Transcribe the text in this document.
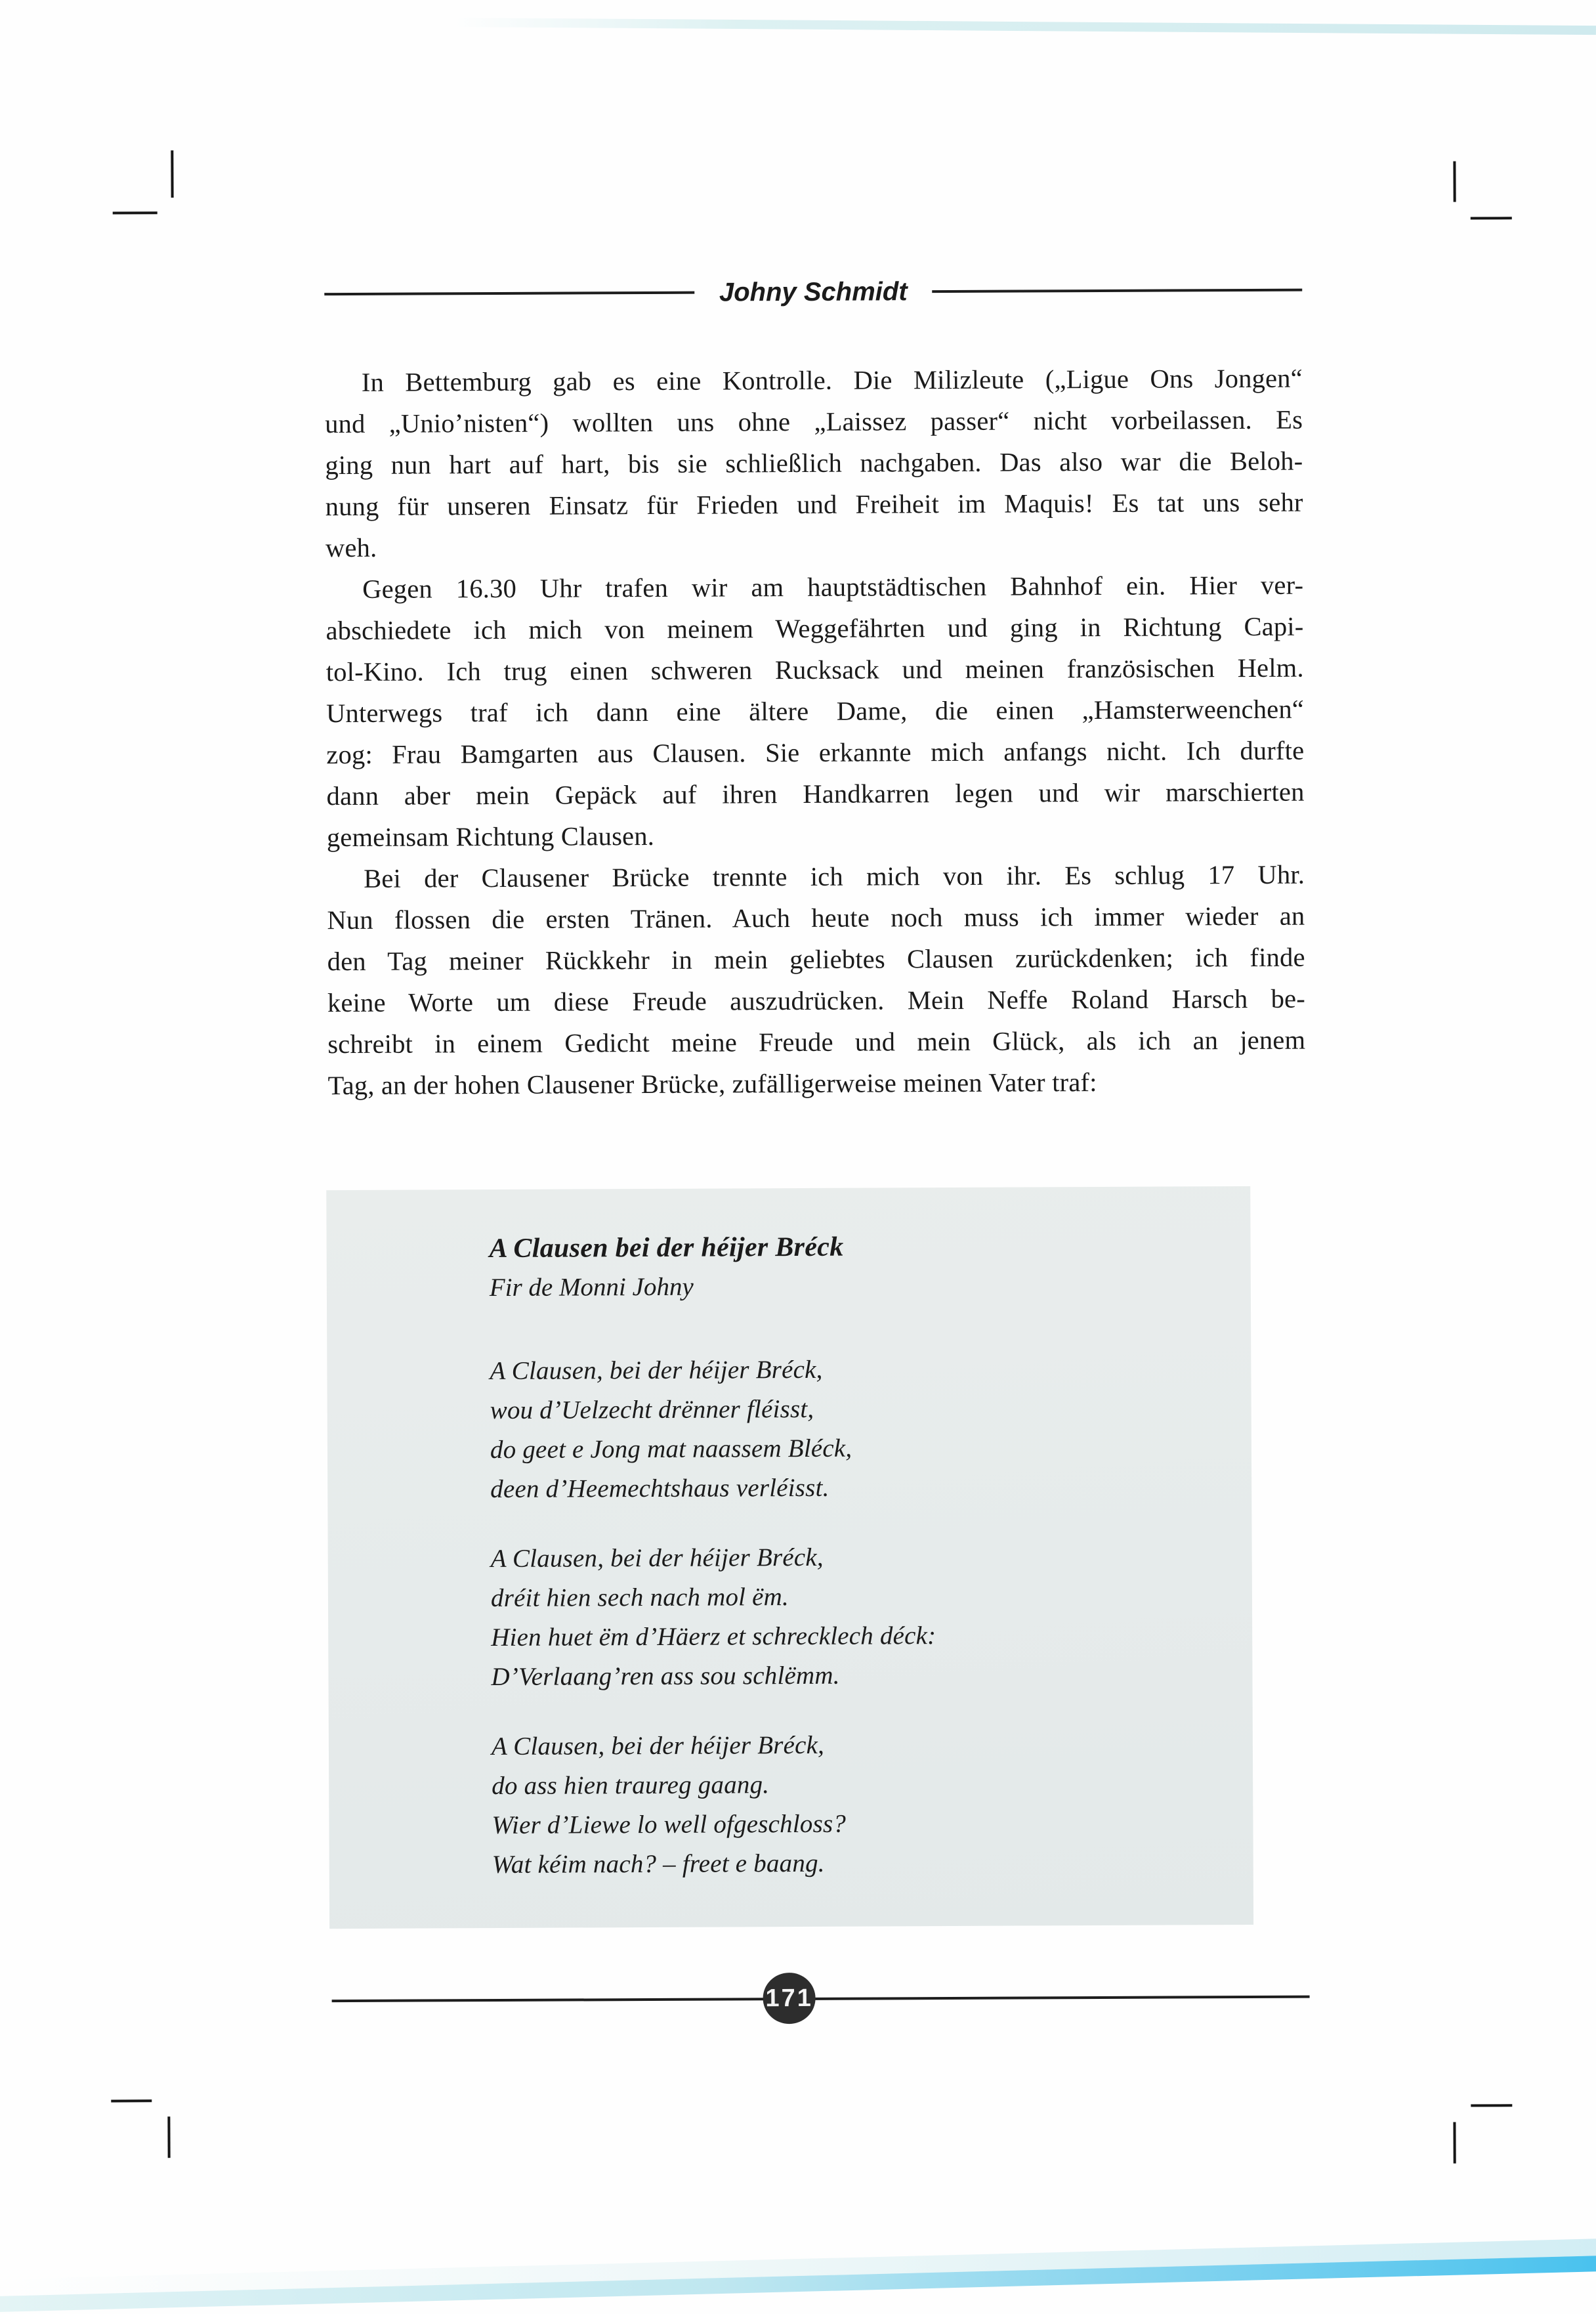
Johny Schmidt
In Bettemburg gab es eine Kontrolle. Die Milizleute („Ligue Ons Jongen“
und „Unio’nisten“) wollten uns ohne „Laissez passer“ nicht vorbeilassen. Es
ging nun hart auf hart, bis sie schließlich nachgaben. Das also war die Beloh-
nung für unseren Einsatz für Frieden und Freiheit im Maquis! Es tat uns sehr
weh.
Gegen 16.30 Uhr trafen wir am hauptstädtischen Bahnhof ein. Hier ver-
abschiedete ich mich von meinem Weggefährten und ging in Richtung Capi-
tol-Kino. Ich trug einen schweren Rucksack und meinen französischen Helm.
Unterwegs traf ich dann eine ältere Dame, die einen „Hamsterweenchen“
zog: Frau Bamgarten aus Clausen. Sie erkannte mich anfangs nicht. Ich durfte
dann aber mein Gepäck auf ihren Handkarren legen und wir marschierten
gemeinsam Richtung Clausen.
Bei der Clausener Brücke trennte ich mich von ihr. Es schlug 17 Uhr.
Nun flossen die ersten Tränen. Auch heute noch muss ich immer wieder an
den Tag meiner Rückkehr in mein geliebtes Clausen zurückdenken; ich finde
keine Worte um diese Freude auszudrücken. Mein Neffe Roland Harsch be-
schreibt in einem Gedicht meine Freude und mein Glück, als ich an jenem
Tag, an der hohen Clausener Brücke, zufälligerweise meinen Vater traf:
A Clausen bei der héijer Bréck
Fir de Monni Johny
A Clausen, bei der héijer Bréck,
wou d’Uelzecht drënner fléisst,
do geet e Jong mat naassem Bléck,
deen d’Heemechtshaus verléisst.
A Clausen, bei der héijer Bréck,
dréit hien sech nach mol ëm.
Hien huet ëm d’Häerz et schrecklech déck:
D’Verlaang’ren ass sou schlëmm.
A Clausen, bei der héijer Bréck,
do ass hien traureg gaang.
Wier d’Liewe lo well ofgeschloss?
Wat kéim nach? – freet e baang.
171
